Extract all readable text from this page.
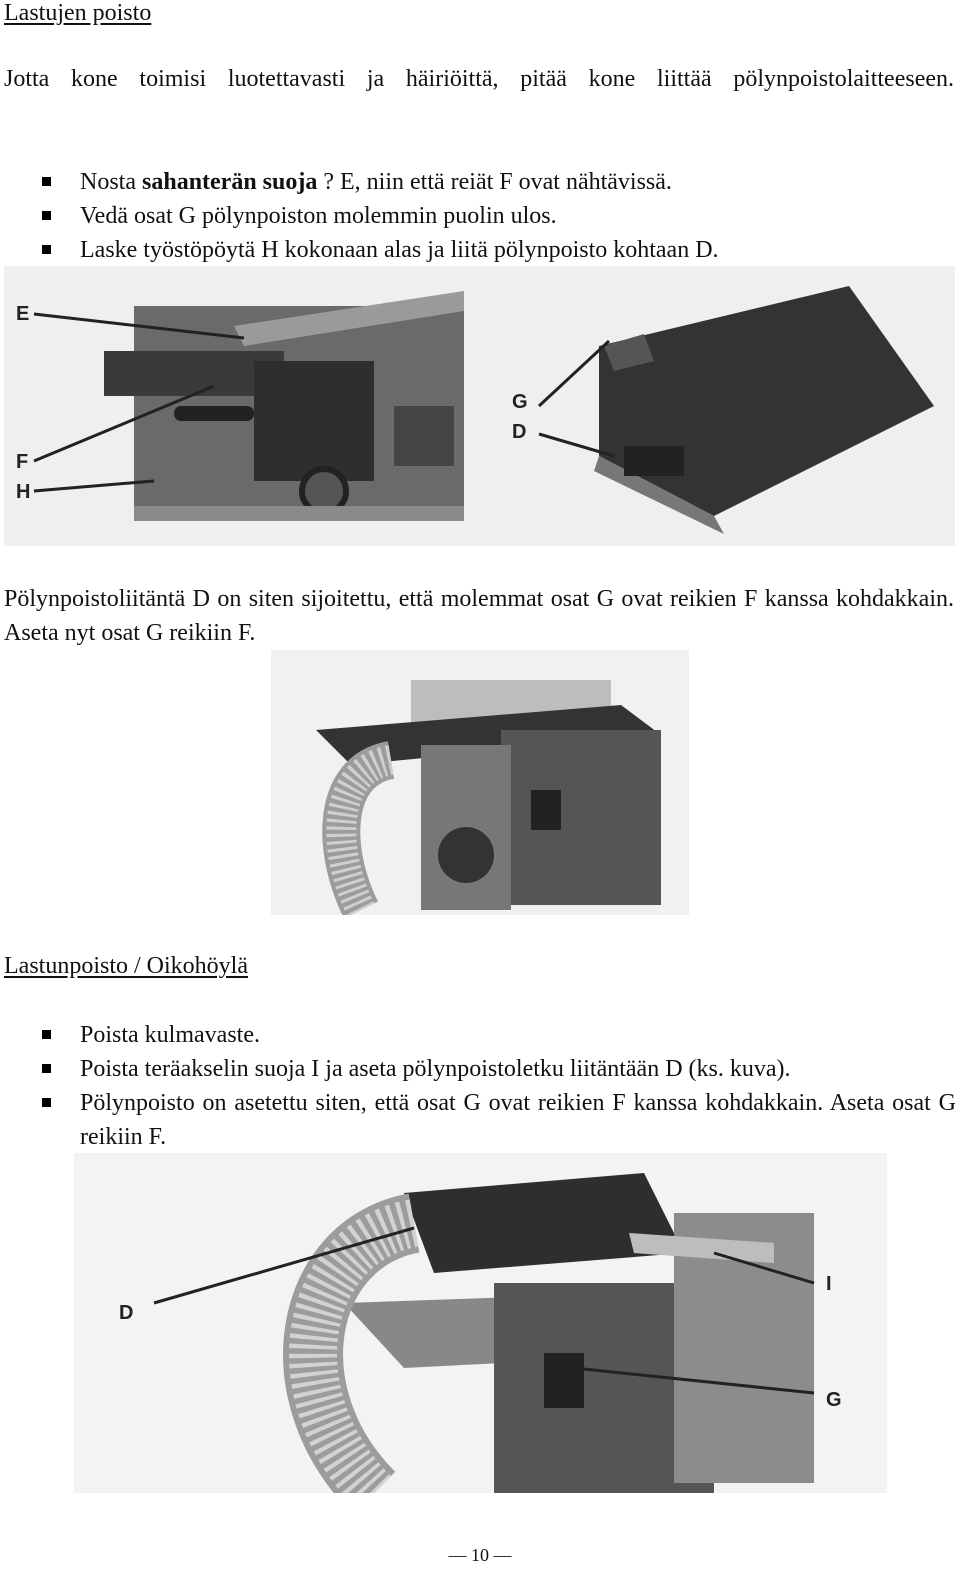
Lastujen poisto

Jotta kone toimisi luotettavasti ja häiriöittä, pitää kone liittää pölynpoistolaitteeseen.

Nosta sahanterän suoja ? E, niin että reiät F ovat nähtävissä.
Vedä osat G pölynpoiston molemmin puolin ulos.
Laske työstöpöytä H kokonaan alas ja liitä pölynpoisto kohtaan D.
E
F
H
G
D

Pölynpoistoliitäntä D on siten sijoitettu, että molemmat osat G ovat reikien F kanssa kohdakkain. Aseta nyt osat G reikiin F.

Lastunpoisto / Oikohöylä
Poista kulmavaste.
Poista teräakselin suoja I ja aseta pölynpoistoletku liitäntään D (ks. kuva).
Pölynpoisto on asetettu siten, että osat G ovat reikien F kanssa kohdakkain. Aseta osat G reikiin F.
D
I
G
— 10 —
